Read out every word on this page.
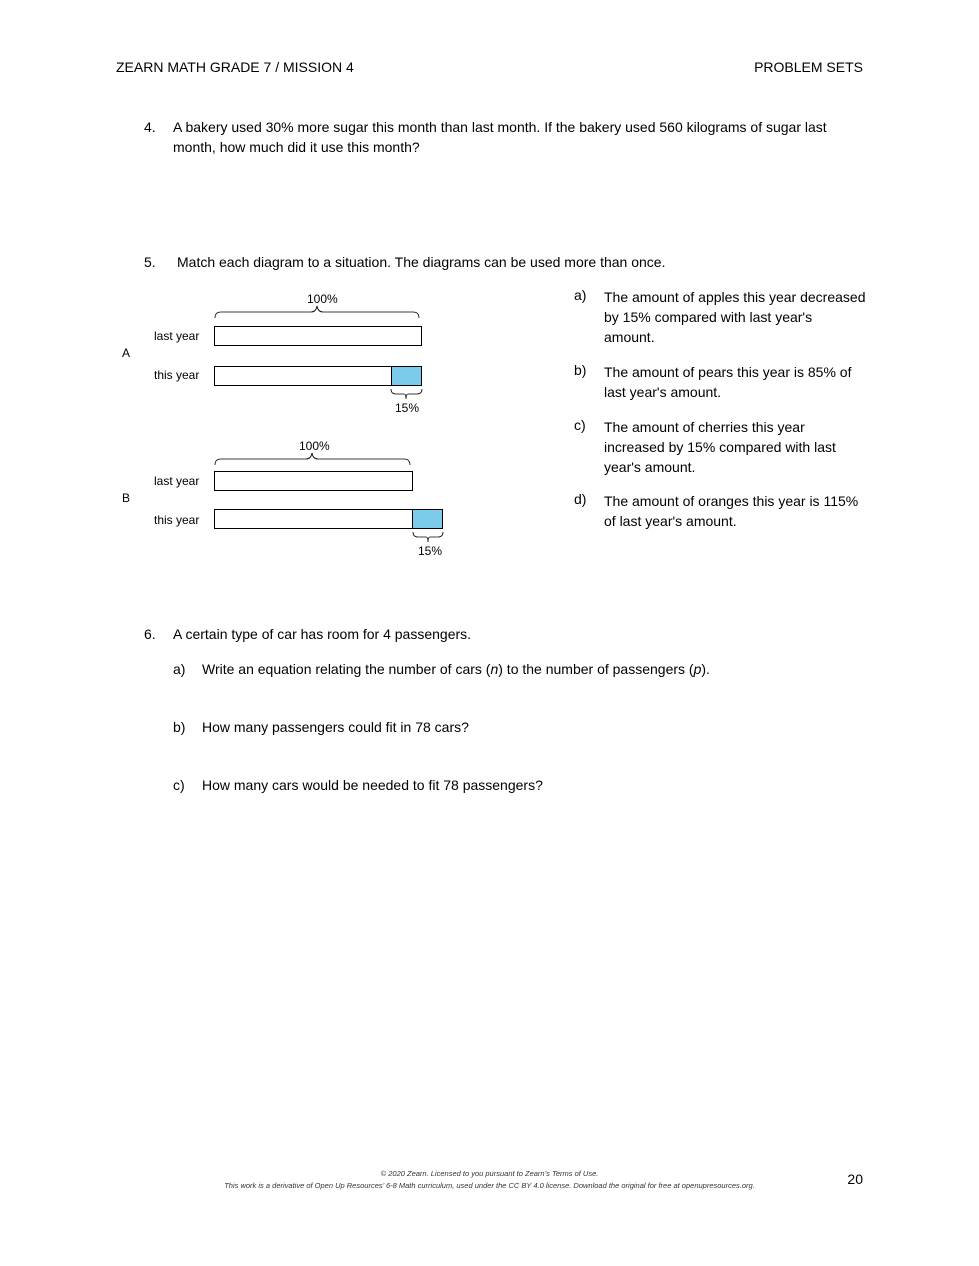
ZEARN MATH GRADE 7 / MISSION 4	PROBLEM SETS
4.	A bakery used 30% more sugar this month than last month. If the bakery used 560 kilograms of sugar last month, how much did it use this month?
5.	Match each diagram to a situation. The diagrams can be used more than once.
100%
last year
A
this year
15%
100%
last year
B
this year
15%
a) The amount of apples this year decreased by 15% compared with last year's amount.
b) The amount of pears this year is 85% of last year's amount.
c) The amount of cherries this year increased by 15% compared with last year's amount.
d) The amount of oranges this year is 115% of last year's amount.
6.	A certain type of car has room for 4 passengers.
a) Write an equation relating the number of cars (n) to the number of passengers (p).
b) How many passengers could fit in 78 cars?
c) How many cars would be needed to fit 78 passengers?
© 2020 Zearn. Licensed to you pursuant to Zearn’s Terms of Use.
This work is a derivative of Open Up Resources’ 6-8 Math curriculum, used under the CC BY 4.0 license. Download the original for free at openupresources.org.	20
